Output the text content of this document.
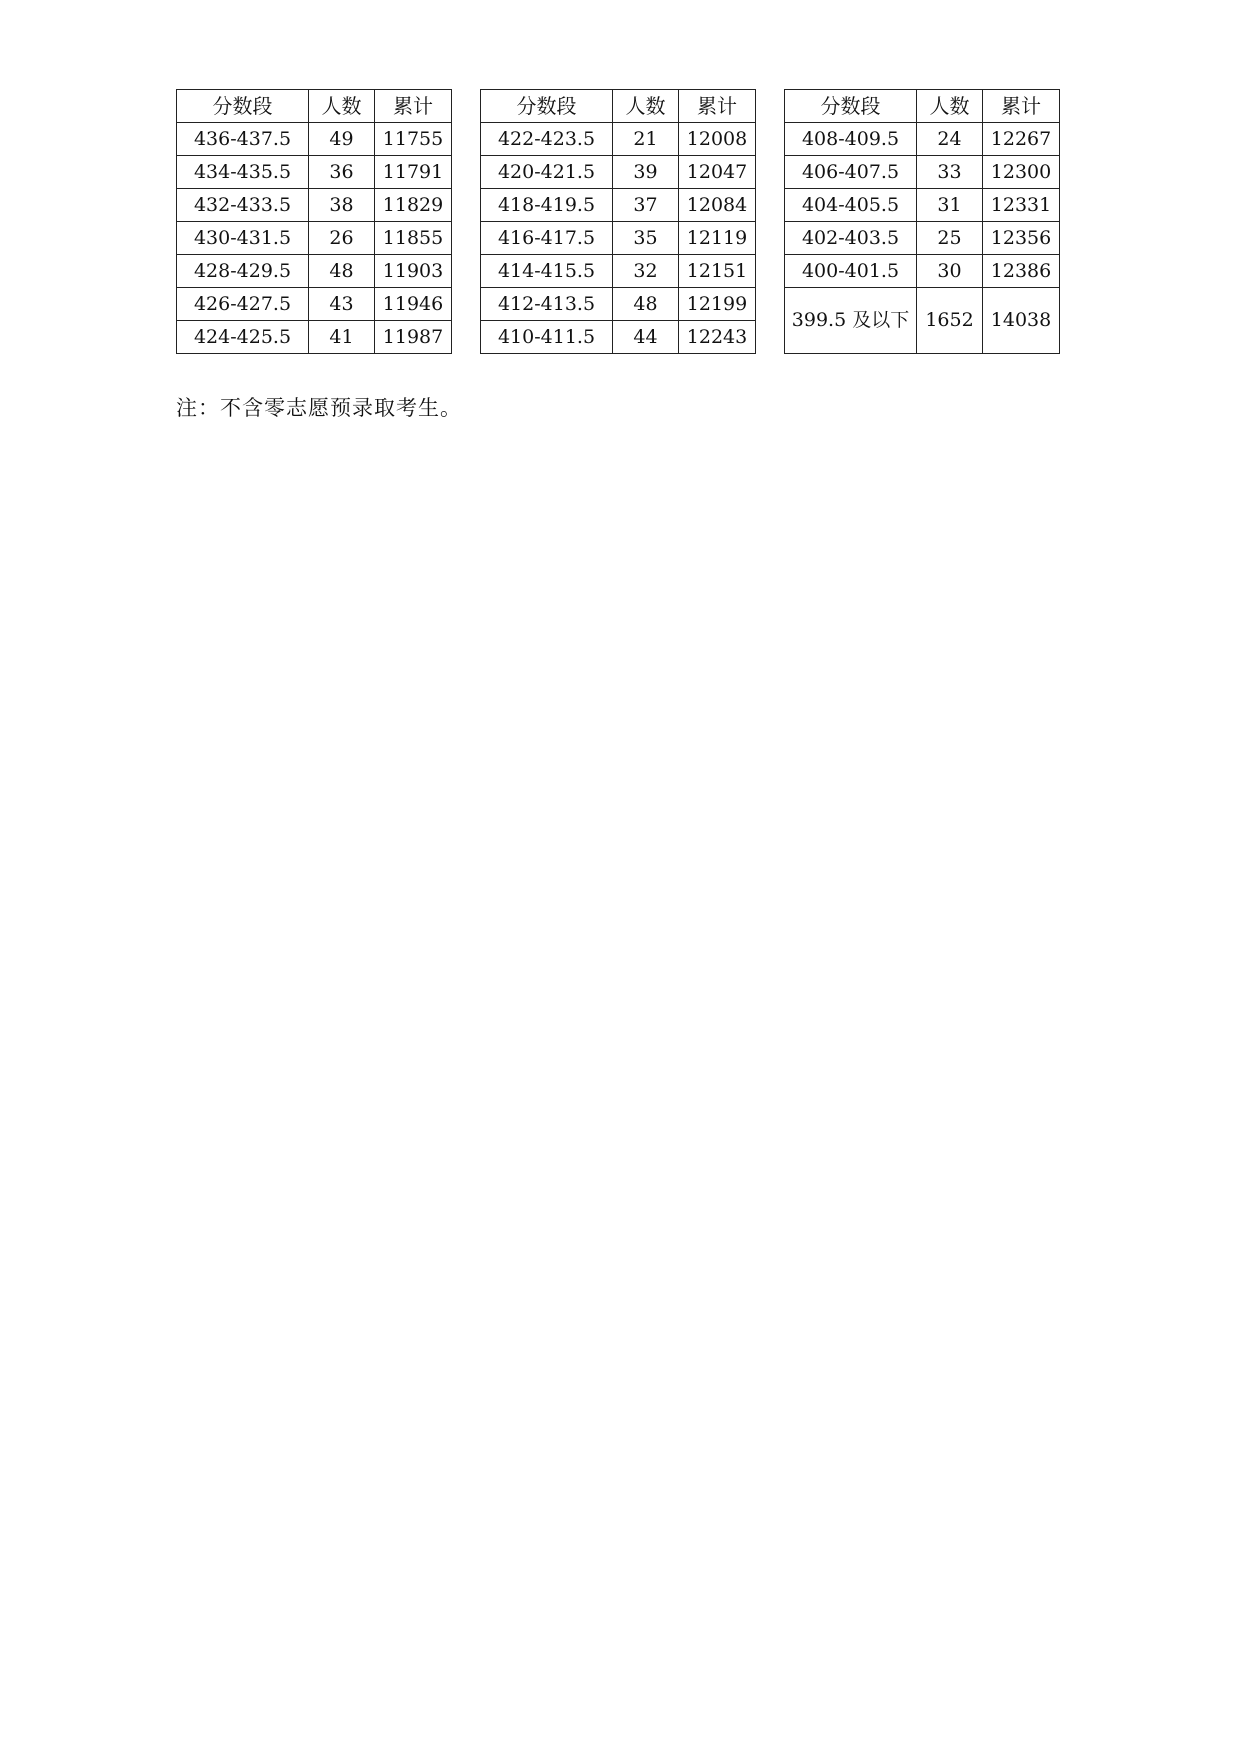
分数段	人数	累计
436-437.5	49	11755
434-435.5	36	11791
432-433.5	38	11829
430-431.5	26	11855
428-429.5	48	11903
426-427.5	43	11946
424-425.5	41	11987
分数段	人数	累计
422-423.5	21	12008
420-421.5	39	12047
418-419.5	37	12084
416-417.5	35	12119
414-415.5	32	12151
412-413.5	48	12199
410-411.5	44	12243
分数段	人数	累计
408-409.5	24	12267
406-407.5	33	12300
404-405.5	31	12331
402-403.5	25	12356
400-401.5	30	12386
399.5 及以下	1652	14038
注：不含零志愿预录取考生。
